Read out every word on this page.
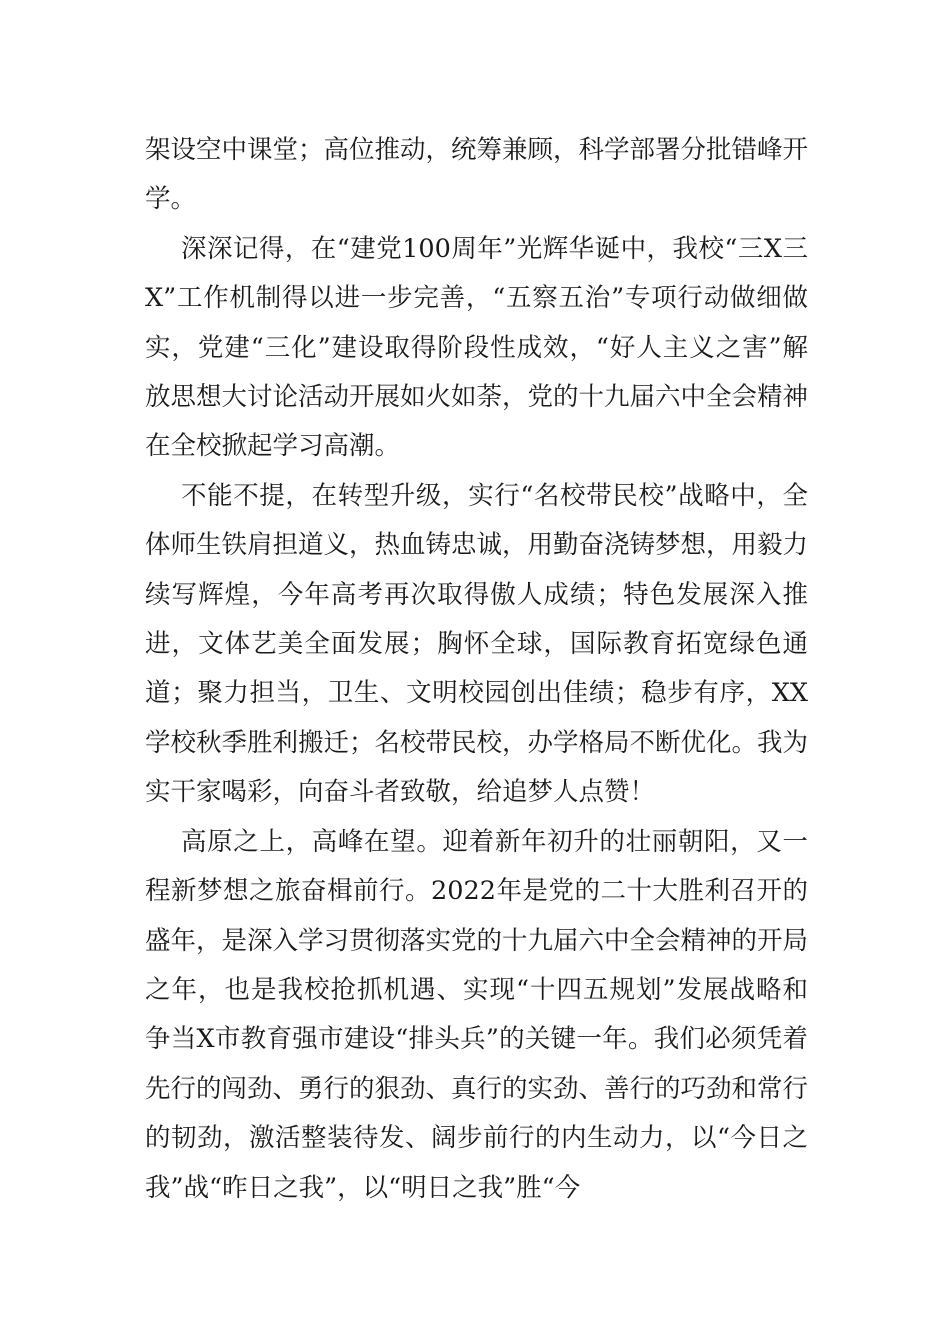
架设空中课堂；高位推动，统筹兼顾，科学部署分批错峰开学。

深深记得，在“建党100周年”光辉华诞中，我校“三X三X”工作机制得以进一步完善，“五察五治”专项行动做细做实，党建“三化”建设取得阶段性成效，“好人主义之害”解放思想大讨论活动开展如火如荼，党的十九届六中全会精神在全校掀起学习高潮。

不能不提，在转型升级，实行“名校带民校”战略中，全体师生铁肩担道义，热血铸忠诚，用勤奋浇铸梦想，用毅力续写辉煌，今年高考再次取得傲人成绩；特色发展深入推进，文体艺美全面发展；胸怀全球，国际教育拓宽绿色通道；聚力担当，卫生、文明校园创出佳绩；稳步有序，XX学校秋季胜利搬迁；名校带民校，办学格局不断优化。我为实干家喝彩，向奋斗者致敬，给追梦人点赞！

高原之上，高峰在望。迎着新年初升的壮丽朝阳，又一程新梦想之旅奋楫前行。2022年是党的二十大胜利召开的盛年，是深入学习贯彻落实党的十九届六中全会精神的开局之年，也是我校抢抓机遇、实现“十四五规划”发展战略和争当X市教育强市建设“排头兵”的关键一年。我们必须凭着先行的闯劲、勇行的狠劲、真行的实劲、善行的巧劲和常行的韧劲，激活整装待发、阔步前行的内生动力，以“今日之我”战“昨日之我”，以“明日之我”胜“今
